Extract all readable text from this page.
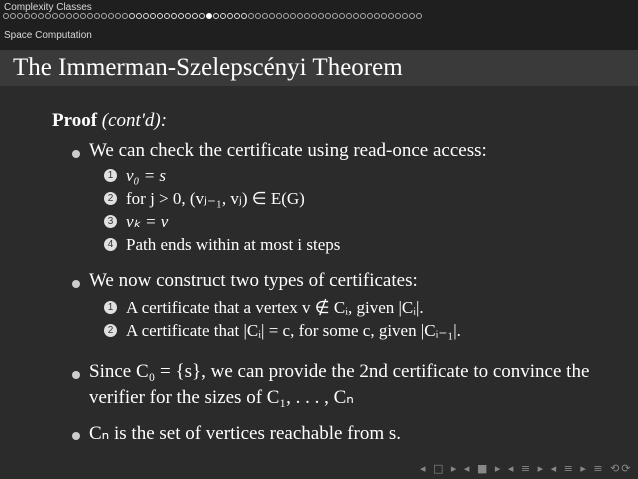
Complexity Classes
Space Computation
The Immerman-Szelepscényi Theorem
Proof (cont'd):
We can check the certificate using read-once access:
1 v₀ = s
2 for j > 0, (vⱼ₋₁, vⱼ) ∈ E(G)
3 vₖ = v
4 Path ends within at most i steps
We now construct two types of certificates:
1 A certificate that a vertex v ∉ Cᵢ, given |Cᵢ|.
2 A certificate that |Cᵢ| = c, for some c, given |Cᵢ₋₁|.
Since C₀ = {s}, we can provide the 2nd certificate to convince the
verifier for the sizes of C₁, . . . , Cₙ
Cₙ is the set of vertices reachable from s.
◂ □ ▸ ◂ ■ ▸ ◂ ≡ ▸ ◂ ≡ ▸ ≡ ⟲⟳
